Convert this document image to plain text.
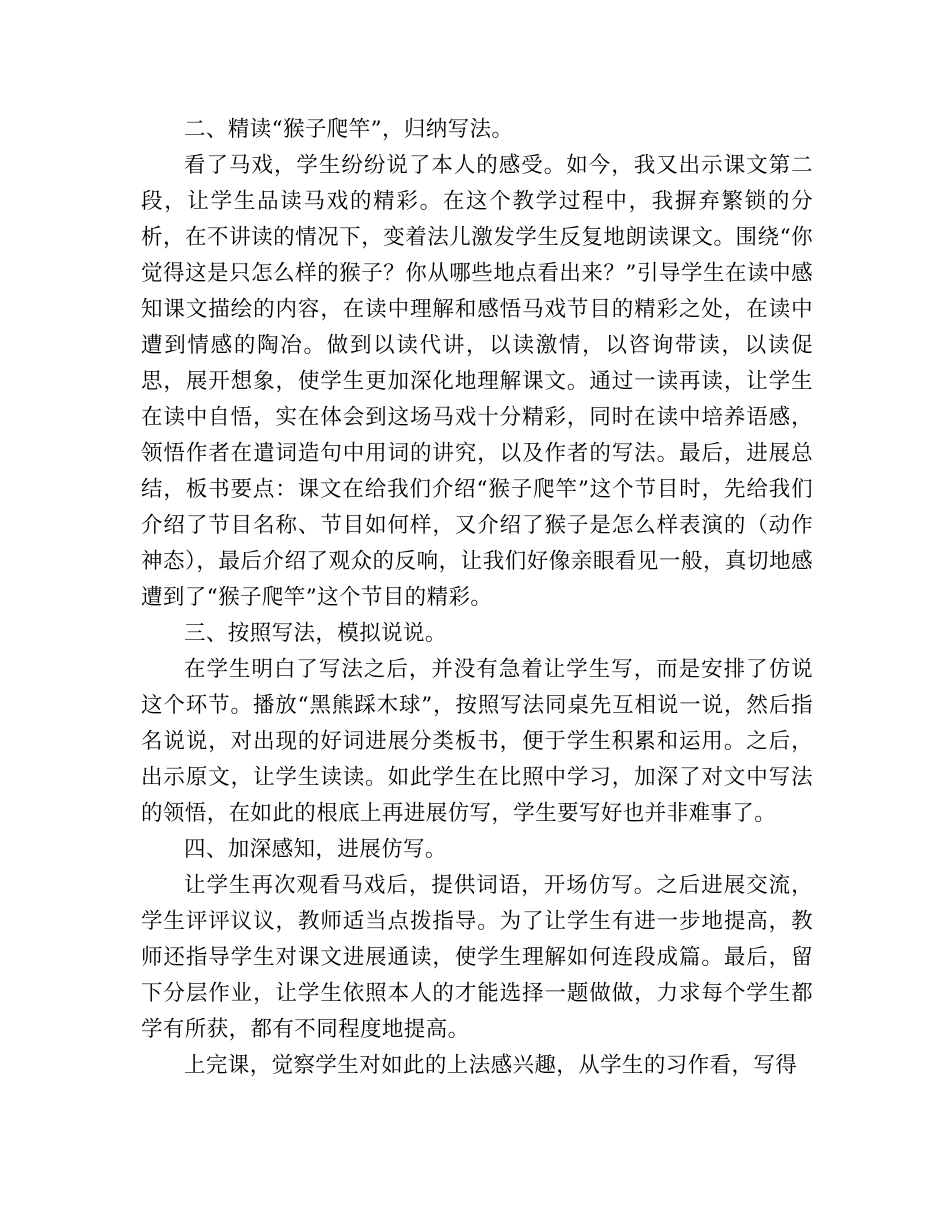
二、精读“猴子爬竿”，归纳写法。

看了马戏，学生纷纷说了本人的感受。如今，我又出示课文第二段，让学生品读马戏的精彩。在这个教学过程中，我摒弃繁锁的分析，在不讲读的情况下，变着法儿激发学生反复地朗读课文。围绕“你觉得这是只怎么样的猴子？你从哪些地点看出来？”引导学生在读中感知课文描绘的内容，在读中理解和感悟马戏节目的精彩之处，在读中遭到情感的陶冶。做到以读代讲，以读激情，以咨询带读，以读促思，展开想象，使学生更加深化地理解课文。通过一读再读，让学生在读中自悟，实在体会到这场马戏十分精彩，同时在读中培养语感，领悟作者在遣词造句中用词的讲究，以及作者的写法。最后，进展总结，板书要点：课文在给我们介绍“猴子爬竿”这个节目时，先给我们介绍了节目名称、节目如何样，又介绍了猴子是怎么样表演的（动作 神态），最后介绍了观众的反响，让我们好像亲眼看见一般，真切地感遭到了“猴子爬竿”这个节目的精彩。

三、按照写法，模拟说说。

在学生明白了写法之后，并没有急着让学生写，而是安排了仿说这个环节。播放“黑熊踩木球”，按照写法同桌先互相说一说，然后指名说说，对出现的好词进展分类板书，便于学生积累和运用。之后，出示原文，让学生读读。如此学生在比照中学习，加深了对文中写法的领悟，在如此的根底上再进展仿写，学生要写好也并非难事了。

四、加深感知，进展仿写。

让学生再次观看马戏后，提供词语，开场仿写。之后进展交流，学生评评议议，教师适当点拨指导。为了让学生有进一步地提高，教师还指导学生对课文进展通读，使学生理解如何连段成篇。最后，留下分层作业，让学生依照本人的才能选择一题做做，力求每个学生都学有所获，都有不同程度地提高。

上完课，觉察学生对如此的上法感兴趣，从学生的习作看，写得
